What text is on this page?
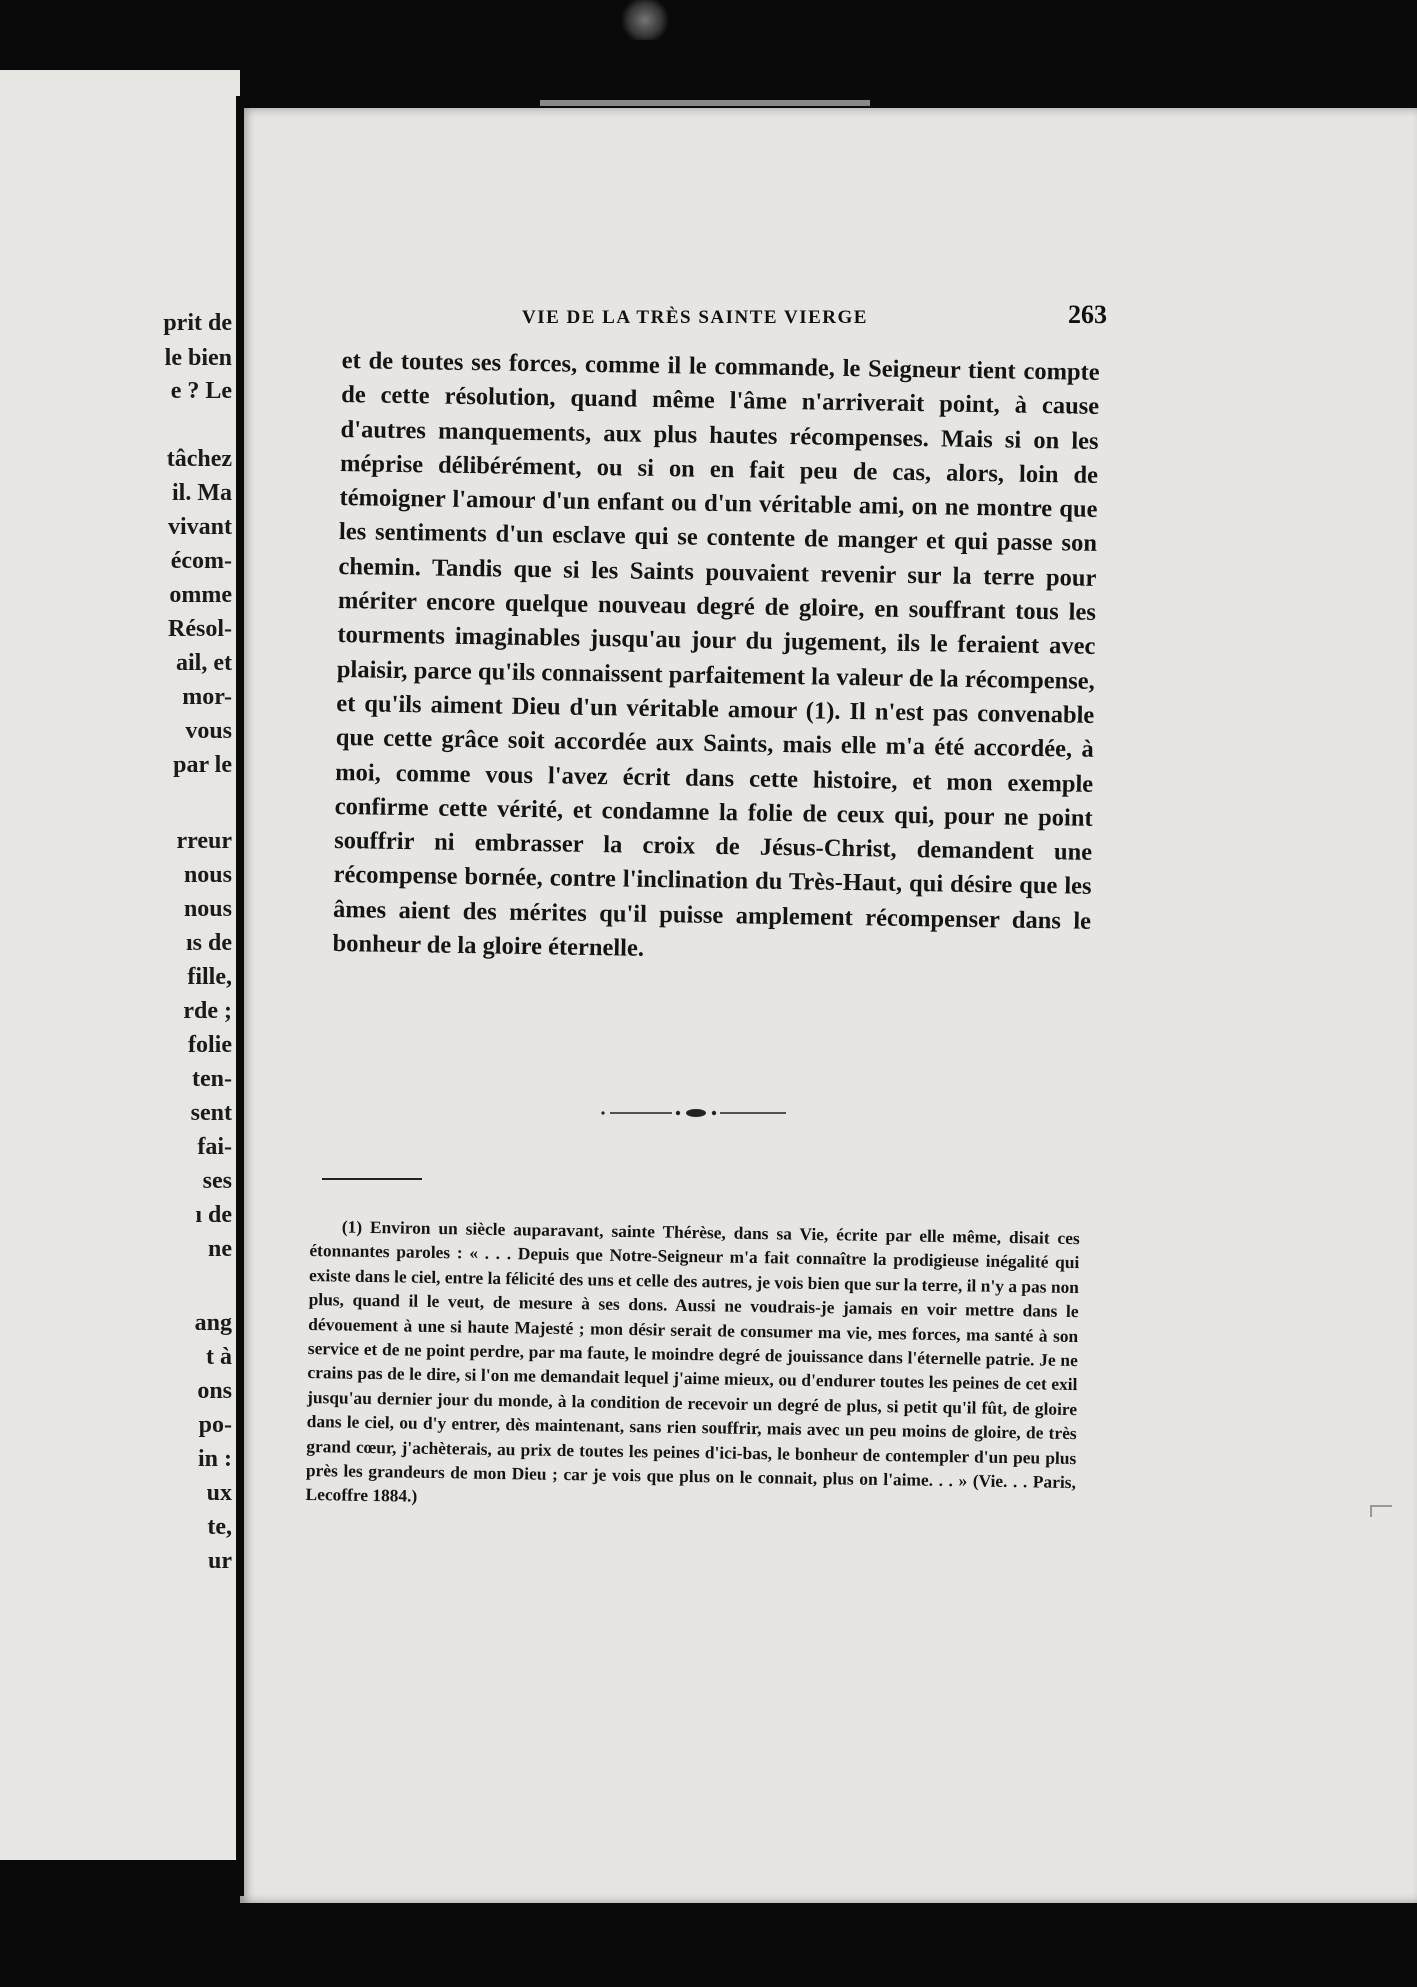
prit de
le bien
e ? Le
tâchez
il. Ma
vivant
écom-
omme
Résol-
ail, et
mor-
vous
par le
rreur
nous
nous
ıs de
fille,
rde ;
folie
ten-
sent
fai-
ses
ı de
ne
ang
t à
ons
po-
in :
ux
te,
ur
VIE DE LA TRÈS SAINTE VIERGE	263
et de toutes ses forces, comme il le commande, le Seigneur tient compte de cette résolution, quand même l'âme n'arriverait point, à cause d'autres manquements, aux plus hautes récompenses. Mais si on les méprise délibérément, ou si on en fait peu de cas, alors, loin de témoigner l'amour d'un enfant ou d'un véritable ami, on ne montre que les sentiments d'un esclave qui se contente de manger et qui passe son chemin. Tandis que si les Saints pouvaient revenir sur la terre pour mériter encore quelque nouveau degré de gloire, en souffrant tous les tourments imaginables jusqu'au jour du jugement, ils le feraient avec plaisir, parce qu'ils connaissent parfaitement la valeur de la récompense, et qu'ils aiment Dieu d'un véritable amour (1). Il n'est pas convenable que cette grâce soit accordée aux Saints, mais elle m'a été accordée, à moi, comme vous l'avez écrit dans cette histoire, et mon exemple confirme cette vérité, et condamne la folie de ceux qui, pour ne point souffrir ni embrasser la croix de Jésus-Christ, demandent une récompense bornée, contre l'inclination du Très-Haut, qui désire que les âmes aient des mérites qu'il puisse amplement récompenser dans le bonheur de la gloire éternelle.
(1) Environ un siècle auparavant, sainte Thérèse, dans sa Vie, écrite par elle même, disait ces étonnantes paroles : « . . . Depuis que Notre-Seigneur m'a fait connaître la prodigieuse inégalité qui existe dans le ciel, entre la félicité des uns et celle des autres, je vois bien que sur la terre, il n'y a pas non plus, quand il le veut, de mesure à ses dons. Aussi ne voudrais-je jamais en voir mettre dans le dévouement à une si haute Majesté ; mon désir serait de consumer ma vie, mes forces, ma santé à son service et de ne point perdre, par ma faute, le moindre degré de jouissance dans l'éternelle patrie. Je ne crains pas de le dire, si l'on me demandait lequel j'aime mieux, ou d'endurer toutes les peines de cet exil jusqu'au dernier jour du monde, à la condition de recevoir un degré de plus, si petit qu'il fût, de gloire dans le ciel, ou d'y entrer, dès maintenant, sans rien souffrir, mais avec un peu moins de gloire, de très grand cœur, j'achèterais, au prix de toutes les peines d'ici-bas, le bonheur de contempler d'un peu plus près les grandeurs de mon Dieu ; car je vois que plus on le connait, plus on l'aime. . . » (Vie. . . Paris, Lecoffre 1884.)
